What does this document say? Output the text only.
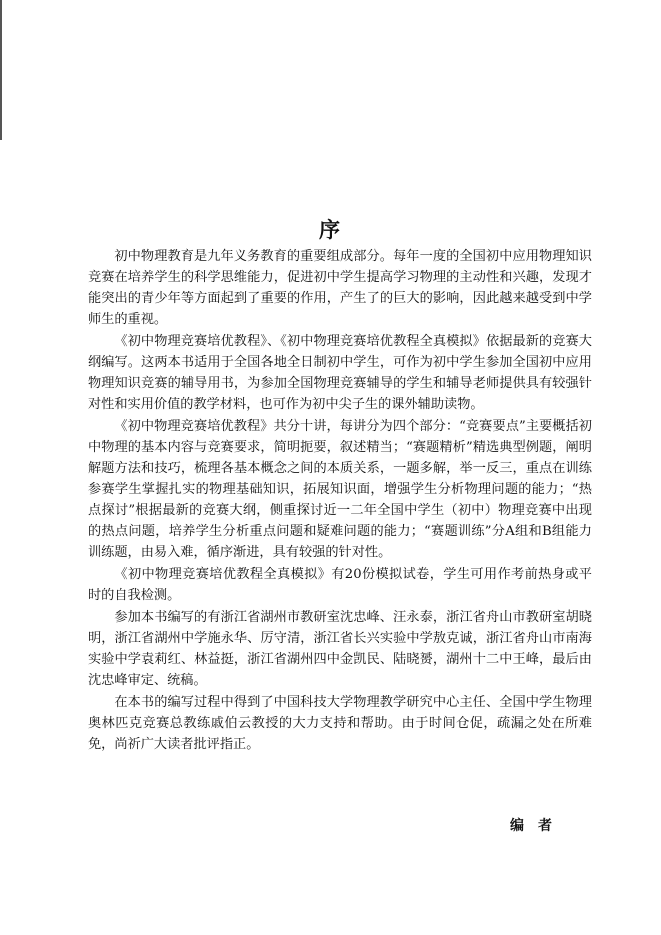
序

初中物理教育是九年义务教育的重要组成部分。每年一度的全国初中应用物理知识竞赛在培养学生的科学思维能力，促进初中学生提高学习物理的主动性和兴趣，发现才能突出的青少年等方面起到了重要的作用，产生了的巨大的影响，因此越来越受到中学师生的重视。

《初中物理竞赛培优教程》、《初中物理竞赛培优教程全真模拟》依据最新的竞赛大纲编写。这两本书适用于全国各地全日制初中学生，可作为初中学生参加全国初中应用物理知识竞赛的辅导用书，为参加全国物理竞赛辅导的学生和辅导老师提供具有较强针对性和实用价值的教学材料，也可作为初中尖子生的课外辅助读物。

《初中物理竞赛培优教程》共分十讲，每讲分为四个部分：“竞赛要点”主要概括初中物理的基本内容与竞赛要求，简明扼要，叙述精当；“赛题精析”精选典型例题，阐明解题方法和技巧，梳理各基本概念之间的本质关系，一题多解，举一反三，重点在训练参赛学生掌握扎实的物理基础知识，拓展知识面，增强学生分析物理问题的能力；“热点探讨”根据最新的竞赛大纲，侧重探讨近一二年全国中学生（初中）物理竞赛中出现的热点问题，培养学生分析重点问题和疑难问题的能力；“赛题训练”分A组和B组能力训练题，由易入难，循序渐进，具有较强的针对性。

《初中物理竞赛培优教程全真模拟》有20份模拟试卷，学生可用作考前热身或平时的自我检测。

参加本书编写的有浙江省湖州市教研室沈忠峰、汪永泰，浙江省舟山市教研室胡晓明，浙江省湖州中学施永华、厉守清，浙江省长兴实验中学敖克诚，浙江省舟山市南海实验中学袁莉红、林益挺，浙江省湖州四中金凯民、陆晓赟，湖州十二中王峰，最后由沈忠峰审定、统稿。

在本书的编写过程中得到了中国科技大学物理教学研究中心主任、全国中学生物理奥林匹克竞赛总教练戚伯云教授的大力支持和帮助。由于时间仓促，疏漏之处在所难免，尚祈广大读者批评指正。

编者
